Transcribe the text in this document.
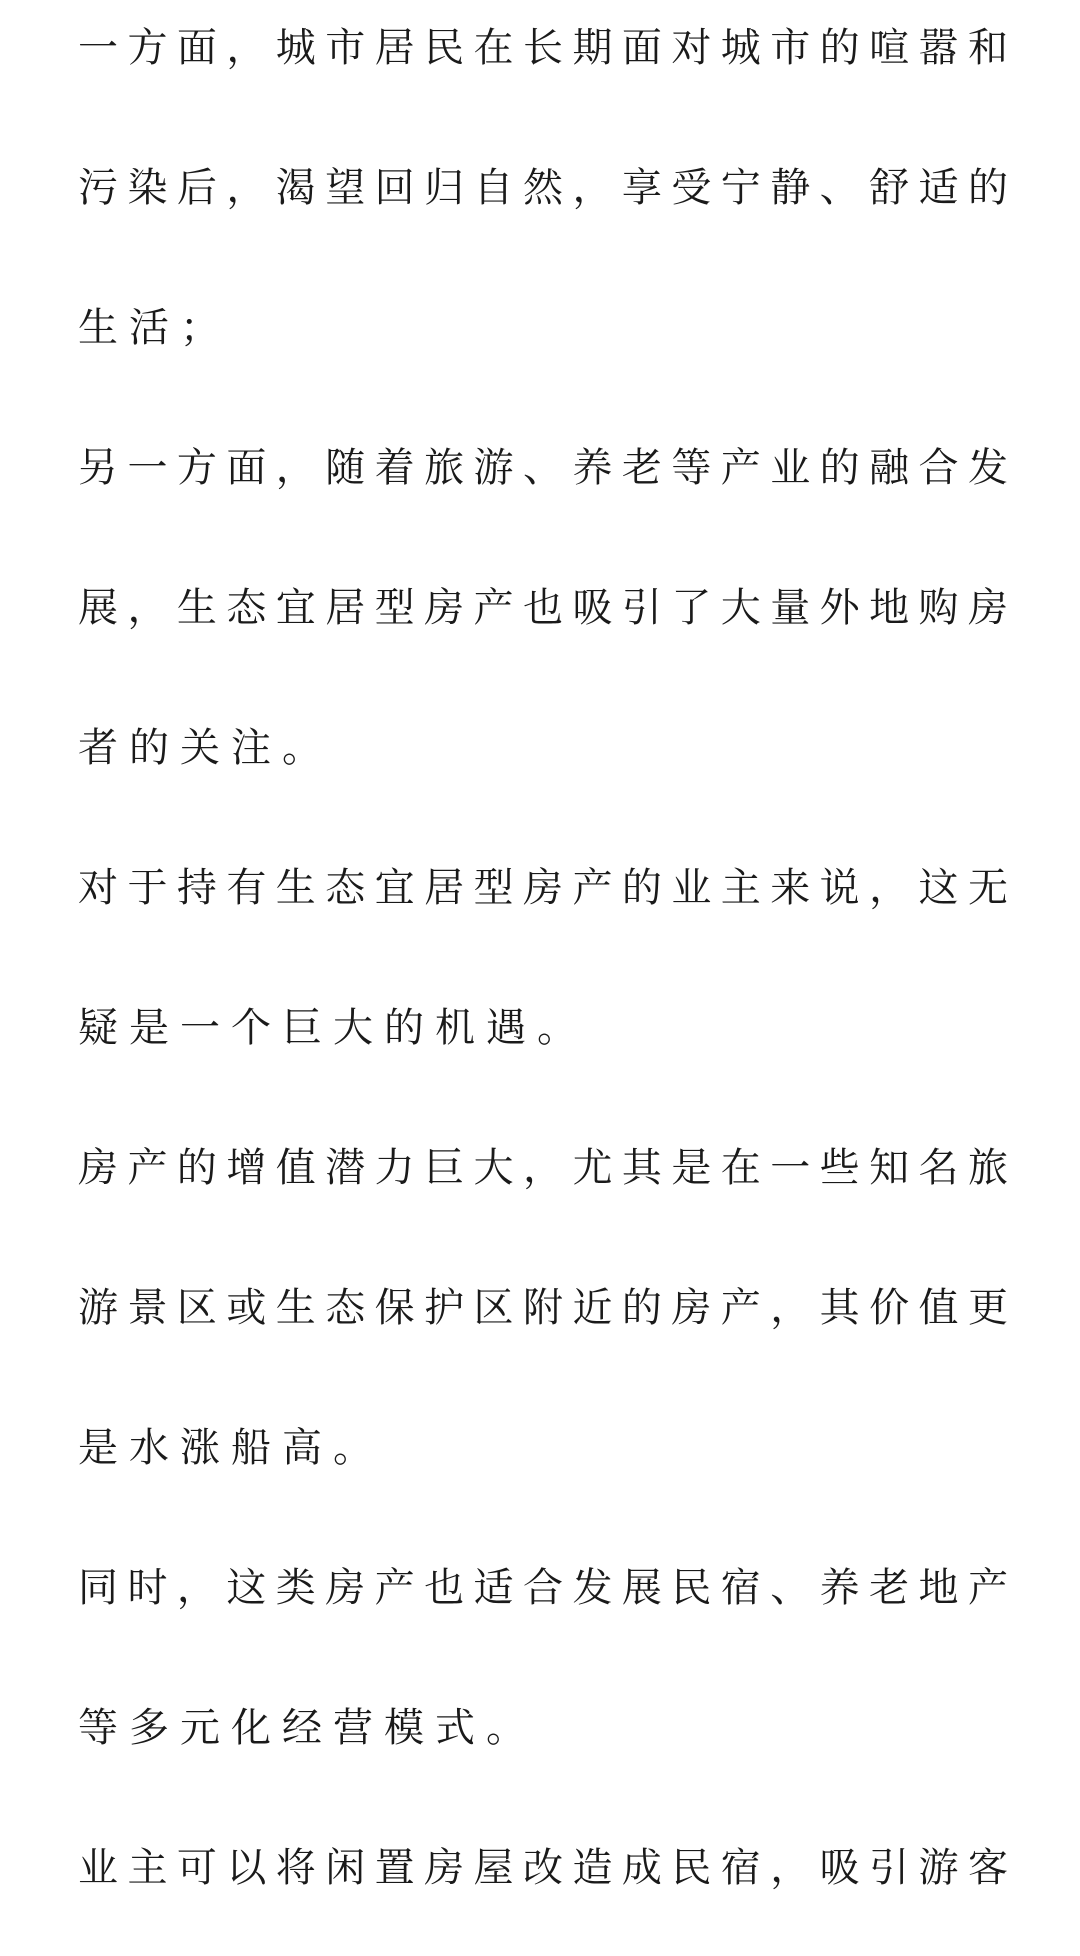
一方面，城市居民在长期面对城市的喧嚣和
污染后，渴望回归自然，享受宁静、舒适的
生活；
另一方面，随着旅游、养老等产业的融合发
展，生态宜居型房产也吸引了大量外地购房
者的关注。
对于持有生态宜居型房产的业主来说，这无
疑是一个巨大的机遇。
房产的增值潜力巨大，尤其是在一些知名旅
游景区或生态保护区附近的房产，其价值更
是水涨船高。
同时，这类房产也适合发展民宿、养老地产
等多元化经营模式。
业主可以将闲置房屋改造成民宿，吸引游客
